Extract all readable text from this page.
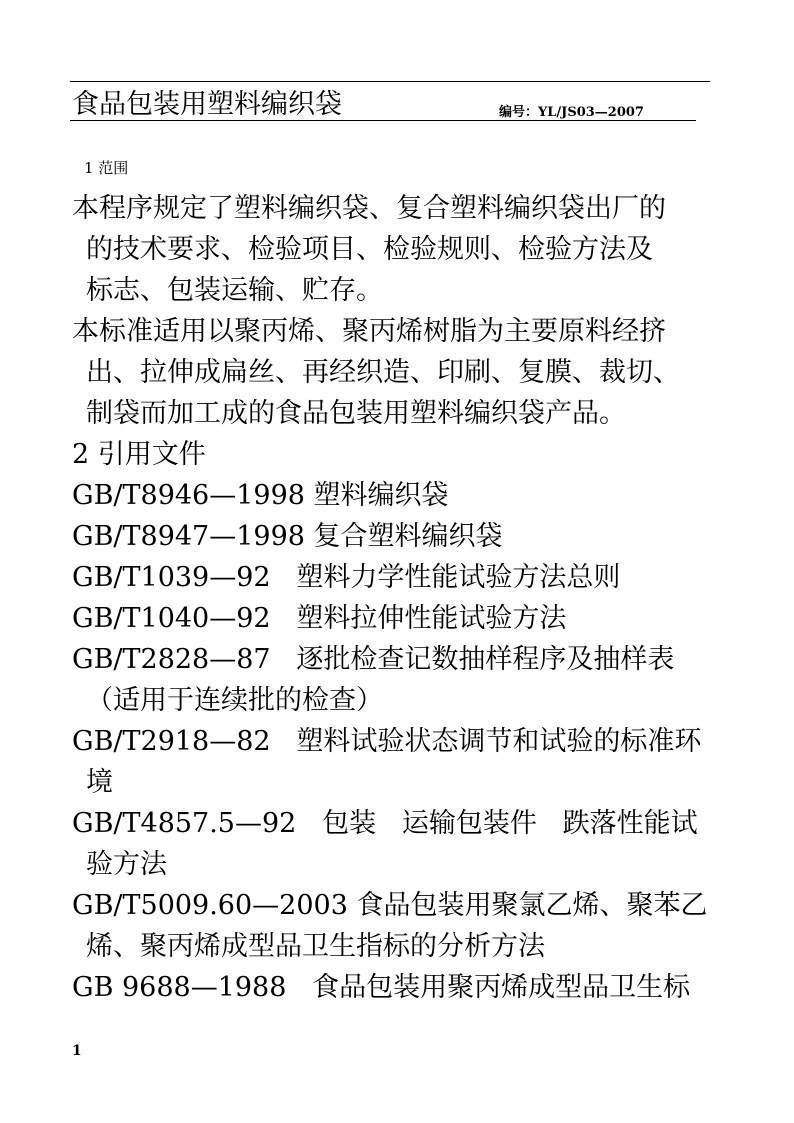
食品包装用塑料编织袋	编号：YL/JS03—2007
1 范围
本程序规定了塑料编织袋、复合塑料编织袋出厂的
的技术要求、检验项目、检验规则、检验方法及
标志、包装运输、贮存。
本标准适用以聚丙烯、聚丙烯树脂为主要原料经挤
出、拉伸成扁丝、再经织造、印刷、复膜、裁切、
制袋而加工成的食品包装用塑料编织袋产品。
2 引用文件
GB/T8946—1998 塑料编织袋
GB/T8947—1998 复合塑料编织袋
GB/T1039—92   塑料力学性能试验方法总则
GB/T1040—92   塑料拉伸性能试验方法
GB/T2828—87   逐批检查记数抽样程序及抽样表
（适用于连续批的检查）
GB/T2918—82   塑料试验状态调节和试验的标准环
境
GB/T4857.5—92   包装   运输包装件   跌落性能试
验方法
GB/T5009.60—2003 食品包装用聚氯乙烯、聚苯乙
烯、聚丙烯成型品卫生指标的分析方法
GB 9688—1988   食品包装用聚丙烯成型品卫生标
1
